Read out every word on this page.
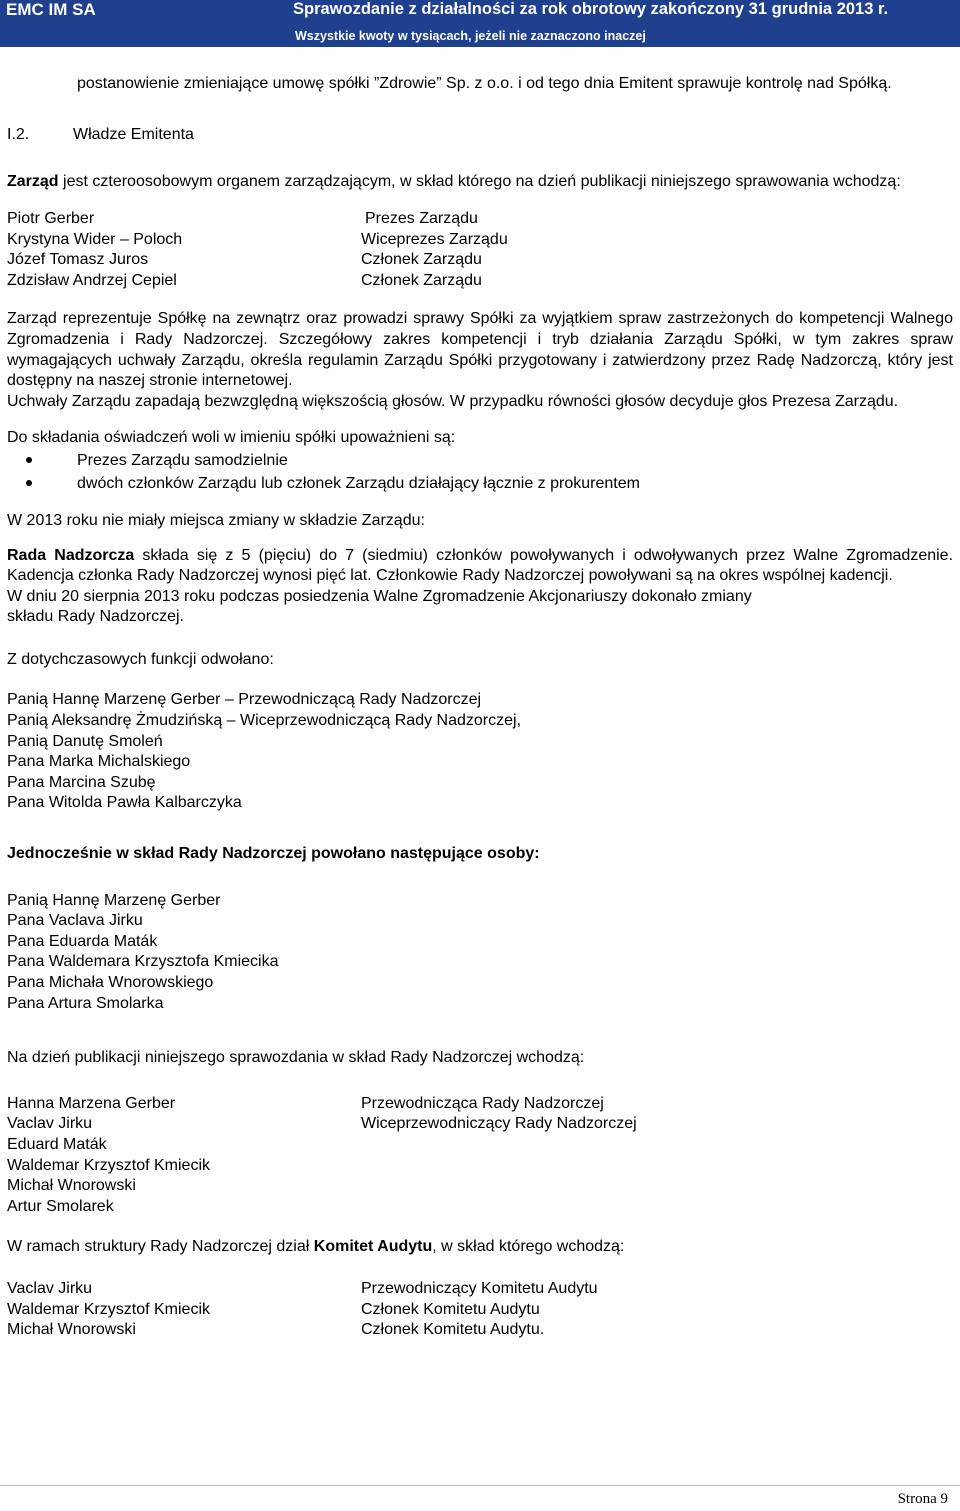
EMC IM SA	Sprawozdanie z działalności za rok obrotowy zakończony 31 grudnia 2013 r.
Wszystkie kwoty w tysiącach, jeżeli nie zaznaczono inaczej

postanowienie zmieniające umowę spółki ”Zdrowie” Sp. z o.o. i od tego dnia Emitent sprawuje kontrolę nad Spółką.

I.2.	Władze Emitenta

Zarząd jest czteroosobowym organem zarządzającym, w skład którego na dzień publikacji niniejszego sprawowania wchodzą:

Piotr Gerber
Krystyna Wider – Poloch
Józef Tomasz Juros
Zdzisław Andrzej Cepiel
Prezes Zarządu
Wiceprezes Zarządu
Członek Zarządu
Członek Zarządu

Zarząd reprezentuje Spółkę na zewnątrz oraz prowadzi sprawy Spółki za wyjątkiem spraw zastrzeżonych do kompetencji Walnego Zgromadzenia i Rady Nadzorczej. Szczegółowy zakres kompetencji i tryb działania Zarządu Spółki, w tym zakres spraw wymagających uchwały Zarządu, określa regulamin Zarządu Spółki przygotowany i zatwierdzony przez Radę Nadzorczą, który jest dostępny na naszej stronie internetowej.

Uchwały Zarządu zapadają bezwzględną większością głosów. W przypadku równości głosów decyduje głos Prezesa Zarządu.

Do składania oświadczeń woli w imieniu spółki upoważnieni są:

Prezes Zarządu samodzielnie
dwóch członków Zarządu lub członek Zarządu działający łącznie z prokurentem

W 2013 roku nie miały miejsca zmiany w składzie Zarządu:

Rada Nadzorcza składa się z 5 (pięciu) do 7 (siedmiu) członków powoływanych i odwoływanych przez Walne Zgromadzenie. Kadencja członka Rady Nadzorczej wynosi pięć lat. Członkowie Rady Nadzorczej powoływani są na okres wspólnej kadencji.

W dniu 20 sierpnia 2013 roku podczas posiedzenia Walne Zgromadzenie Akcjonariuszy dokonało zmiany

składu Rady Nadzorczej.

Z dotychczasowych funkcji odwołano:

Panią Hannę Marzenę Gerber – Przewodniczącą Rady Nadzorczej
Panią Aleksandrę Żmudzińską – Wiceprzewodniczącą Rady Nadzorczej,
Panią Danutę Smoleń
Pana Marka Michalskiego
Pana Marcina Szubę
Pana Witolda Pawła Kalbarczyka

Jednocześnie w skład Rady Nadzorczej powołano następujące osoby:

Panią Hannę Marzenę Gerber
Pana Vaclava Jirku
Pana Eduarda Maták
Pana Waldemara Krzysztofa Kmiecika
Pana Michała Wnorowskiego
Pana Artura Smolarka

Na dzień publikacji niniejszego sprawozdania w skład Rady Nadzorczej wchodzą:

Hanna Marzena Gerber
Vaclav Jirku
Eduard Maták
Waldemar Krzysztof Kmiecik
Michał Wnorowski
Artur Smolarek
Przewodnicząca Rady Nadzorczej
Wiceprzewodniczący Rady Nadzorczej

W ramach struktury Rady Nadzorczej dział Komitet Audytu, w skład którego wchodzą:

Vaclav Jirku
Waldemar Krzysztof Kmiecik
Michał Wnorowski
Przewodniczący Komitetu Audytu
Członek Komitetu Audytu
Członek Komitetu Audytu.
Strona 9
